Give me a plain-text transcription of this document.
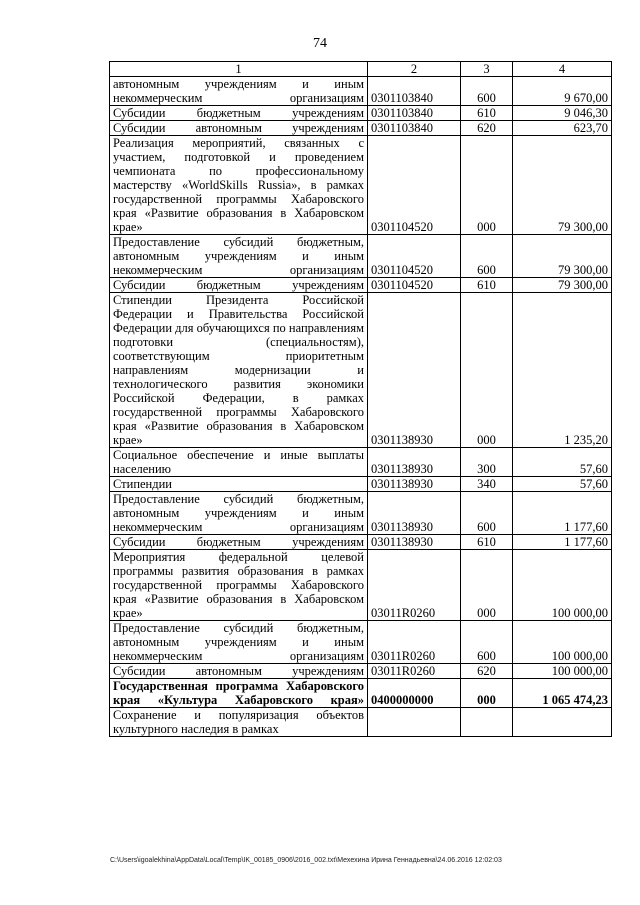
74
1	2	3	4
автономным учреждениям и иным некоммерческим организациям	0301103840	600	9 670,00
Субсидии бюджетным учреждениям	0301103840	610	9 046,30
Субсидии автономным учреждениям	0301103840	620	623,70
Реализация мероприятий, связанных с участием, подготовкой и проведением чемпионата по профессиональному мастерству «WorldSkills Russia», в рамках государственной программы Хабаровского края «Развитие образования в Хабаровском крае»	0301104520	000	79 300,00
Предоставление субсидий бюджетным, автономным учреждениям и иным некоммерческим организациям	0301104520	600	79 300,00
Субсидии бюджетным учреждениям	0301104520	610	79 300,00
Стипендии Президента Российской Федерации и Правительства Российской Федерации для обучающихся по направлениям подготовки (специальностям), соответствующим приоритетным направлениям модернизации и технологического развития экономики Российской Федерации, в рамках государственной программы Хабаровского края «Развитие образования в Хабаровском крае»	0301138930	000	1 235,20
Социальное обеспечение и иные выплаты населению	0301138930	300	57,60
Стипендии	0301138930	340	57,60
Предоставление субсидий бюджетным, автономным учреждениям и иным некоммерческим организациям	0301138930	600	1 177,60
Субсидии бюджетным учреждениям	0301138930	610	1 177,60
Мероприятия федеральной целевой программы развития образования в рамках государственной программы Хабаровского края «Развитие образования в Хабаровском крае»	03011R0260	000	100 000,00
Предоставление субсидий бюджетным, автономным учреждениям и иным некоммерческим организациям	03011R0260	600	100 000,00
Субсидии автономным учреждениям	03011R0260	620	100 000,00
Государственная программа Хабаровского края «Культура Хабаровского края»	0400000000	000	1 065 474,23
Сохранение и популяризация объектов культурного наследия в рамках			
C:\Users\igoalekhina\AppData\Local\Temp\IK_00185_0906\2016_002.txt\Мехехина Ирина Геннадьевна\24.06.2016 12:02:03
